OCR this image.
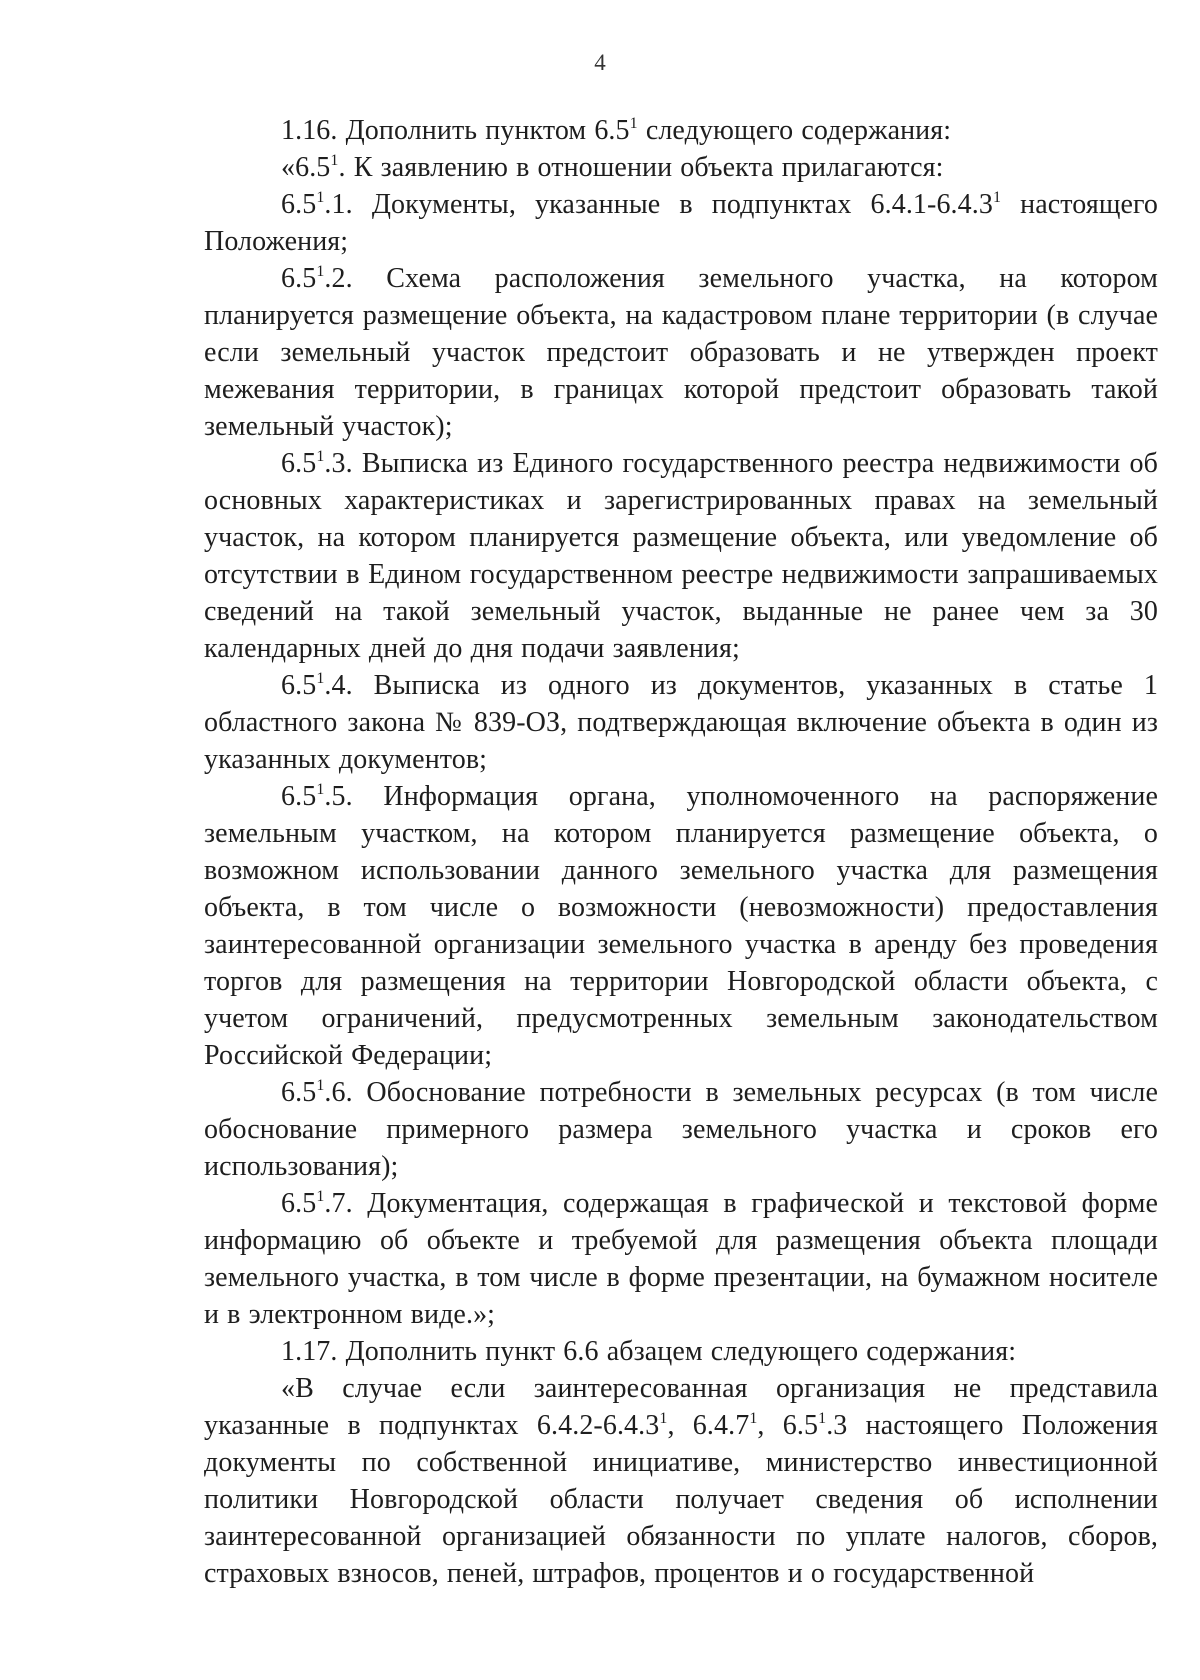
4

1.16. Дополнить пунктом $6.5^1$ следующего содержания:

«$6.5^1$. К заявлению в отношении объекта прилагаются:

$6.5^1.1$. Документы, указанные в подпунктах 6.4.1-6.4.3$^1$ настоящего Положения;

$6.5^1.2$. Схема расположения земельного участка, на котором планируется размещение объекта, на кадастровом плане территории (в случае если земельный участок предстоит образовать и не утвержден проект межевания территории, в границах которой предстоит образовать такой земельный участок);

$6.5^1.3$. Выписка из Единого государственного реестра недвижимости об основных характеристиках и зарегистрированных правах на земельный участок, на котором планируется размещение объекта, или уведомление об отсутствии в Едином государственном реестре недвижимости запрашиваемых сведений на такой земельный участок, выданные не ранее чем за 30 календарных дней до дня подачи заявления;

$6.5^1.4$. Выписка из одного из документов, указанных в статье 1 областного закона № 839-ОЗ, подтверждающая включение объекта в один из указанных документов;

$6.5^1.5$. Информация органа, уполномоченного на распоряжение земельным участком, на котором планируется размещение объекта, о возможном использовании данного земельного участка для размещения объекта, в том числе о возможности (невозможности) предоставления заинтересованной организации земельного участка в аренду без проведения торгов для размещения на территории Новгородской области объекта, с учетом ограничений, предусмотренных земельным законодательством Российской Федерации;

$6.5^1.6$. Обоснование потребности в земельных ресурсах (в том числе обоснование примерного размера земельного участка и сроков его использования);

$6.5^1.7$. Документация, содержащая в графической и текстовой форме информацию об объекте и требуемой для размещения объекта площади земельного участка, в том числе в форме презентации, на бумажном носителе и в электронном виде.»;

1.17. Дополнить пункт 6.6 абзацем следующего содержания:

«В случае если заинтересованная организация не представила указанные в подпунктах 6.4.2-6.4.3$^1$, 6.4.7$^1$, $6.5^1.3$ настоящего Положения документы по собственной инициативе, министерство инвестиционной политики Новгородской области получает сведения об исполнении заинтересованной организацией обязанности по уплате налогов, сборов, страховых взносов, пеней, штрафов, процентов и о государственной
